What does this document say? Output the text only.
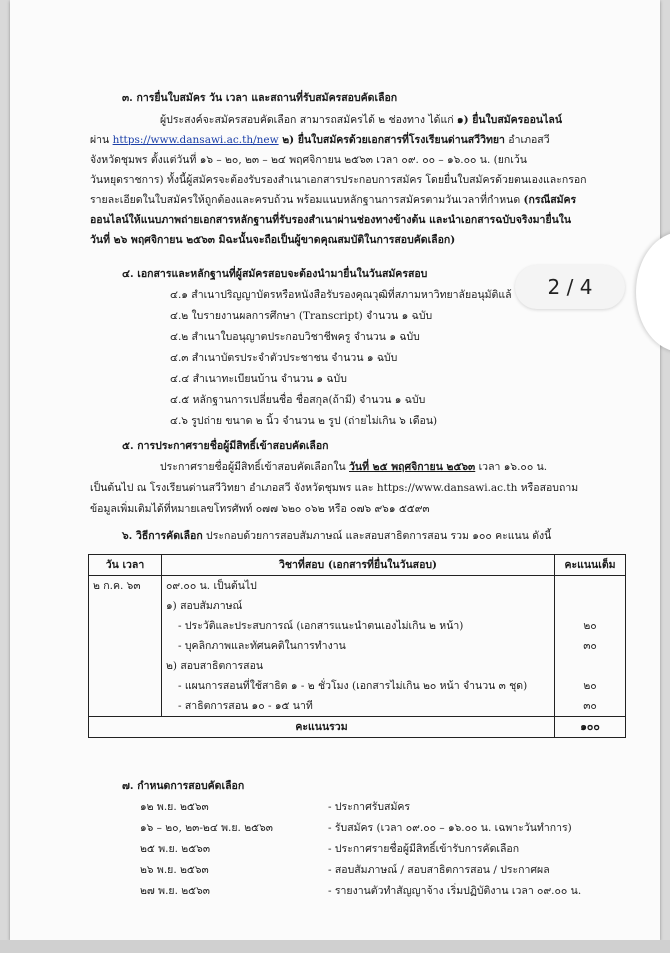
๓. การยื่นใบสมัคร วัน เวลา และสถานที่รับสมัครสอบคัดเลือก
ผู้ประสงค์จะสมัครสอบคัดเลือก สามารถสมัครได้ ๒ ช่องทาง ได้แก่ ๑) ยื่นใบสมัครออนไลน์
ผ่าน https://www.dansawi.ac.th/new ๒) ยื่นใบสมัครด้วยเอกสารที่โรงเรียนด่านสวีวิทยา อำเภอสวี
จังหวัดชุมพร ตั้งแต่วันที่ ๑๖ – ๒๐, ๒๓ – ๒๔ พฤศจิกายน ๒๕๖๓ เวลา ๐๙. ๐๐ – ๑๖.๐๐ น. (ยกเว้น
วันหยุดราชการ) ทั้งนี้ผู้สมัครจะต้องรับรองสำเนาเอกสารประกอบการสมัคร โดยยื่นใบสมัครด้วยตนเองและกรอก
รายละเอียดในใบสมัครให้ถูกต้องและครบถ้วน พร้อมแนบหลักฐานการสมัครตามวันเวลาที่กำหนด (กรณีสมัคร
ออนไลน์ให้แนบภาพถ่ายเอกสารหลักฐานที่รับรองสำเนาผ่านช่องทางข้างต้น และนำเอกสารฉบับจริงมายื่นใน
วันที่ ๒๖ พฤศจิกายน ๒๕๖๓ มิฉะนั้นจะถือเป็นผู้ขาดคุณสมบัติในการสอบคัดเลือก)
๔. เอกสารและหลักฐานที่ผู้สมัครสอบจะต้องนำมายื่นในวันสมัครสอบ
๔.๑ สำเนาปริญญาบัตรหรือหนังสือรับรองคุณวุฒิที่สภามหาวิทยาลัยอนุมัติแล้
๔.๒ ใบรายงานผลการศึกษา (Transcript) จำนวน ๑ ฉบับ
๔.๒ สำเนาใบอนุญาตประกอบวิชาชีพครู จำนวน ๑ ฉบับ
๔.๓ สำเนาบัตรประจำตัวประชาชน จำนวน ๑ ฉบับ
๔.๔ สำเนาทะเบียนบ้าน จำนวน ๑ ฉบับ
๔.๕ หลักฐานการเปลี่ยนชื่อ ชื่อสกุล(ถ้ามี) จำนวน ๑ ฉบับ
๔.๖ รูปถ่าย ขนาด ๒ นิ้ว จำนวน ๒ รูป (ถ่ายไม่เกิน ๖ เดือน)
๕. การประกาศรายชื่อผู้มีสิทธิ์เข้าสอบคัดเลือก
ประกาศรายชื่อผู้มีสิทธิ์เข้าสอบคัดเลือกใน วันที่ ๒๕ พฤศจิกายน ๒๕๖๓ เวลา ๑๖.๐๐ น.
เป็นต้นไป ณ โรงเรียนด่านสวีวิทยา อำเภอสวี จังหวัดชุมพร และ https://www.dansawi.ac.th หรือสอบถาม
ข้อมูลเพิ่มเติมได้ที่หมายเลขโทรศัพท์ ๐๗๗ ๖๒๐ ๐๖๒ หรือ ๐๗๖ ๙๖๑ ๕๕๙๓
๖. วิธีการคัดเลือก ประกอบด้วยการสอบสัมภาษณ์ และสอบสาธิตการสอน รวม ๑๐๐ คะแนน ดังนี้
วัน เวลา	วิชาที่สอบ (เอกสารที่ยื่นในวันสอบ)	คะแนนเต็ม
๒ ก.ค. ๖๓	๐๙.๐๐ น. เป็นต้นไป	
	๑) สอบสัมภาษณ์	
	- ประวัติและประสบการณ์ (เอกสารแนะนำตนเองไม่เกิน ๒ หน้า)	๒๐
	- บุคลิกภาพและทัศนคติในการทำงาน	๓๐
	๒) สอบสาธิตการสอน	
	- แผนการสอนที่ใช้สาธิต ๑ - ๒ ชั่วโมง (เอกสารไม่เกิน ๒๐ หน้า จำนวน ๓ ชุด)	๒๐
	- สาธิตการสอน ๑๐ - ๑๕ นาที	๓๐
คะแนนรวม		๑๐๐
๗. กำหนดการสอบคัดเลือก
๑๒ พ.ย. ๒๕๖๓	- ประกาศรับสมัคร
๑๖ – ๒๐, ๒๓-๒๔ พ.ย. ๒๕๖๓	- รับสมัคร (เวลา ๐๙.๐๐ – ๑๖.๐๐ น. เฉพาะวันทำการ)
๒๕ พ.ย. ๒๕๖๓	- ประกาศรายชื่อผู้มีสิทธิ์เข้ารับการคัดเลือก
๒๖ พ.ย. ๒๕๖๓	- สอบสัมภาษณ์ / สอบสาธิตการสอน / ประกาศผล
๒๗ พ.ย. ๒๕๖๓	- รายงานตัวทำสัญญาจ้าง เริ่มปฏิบัติงาน เวลา ๐๙.๐๐ น.
2 / 4
